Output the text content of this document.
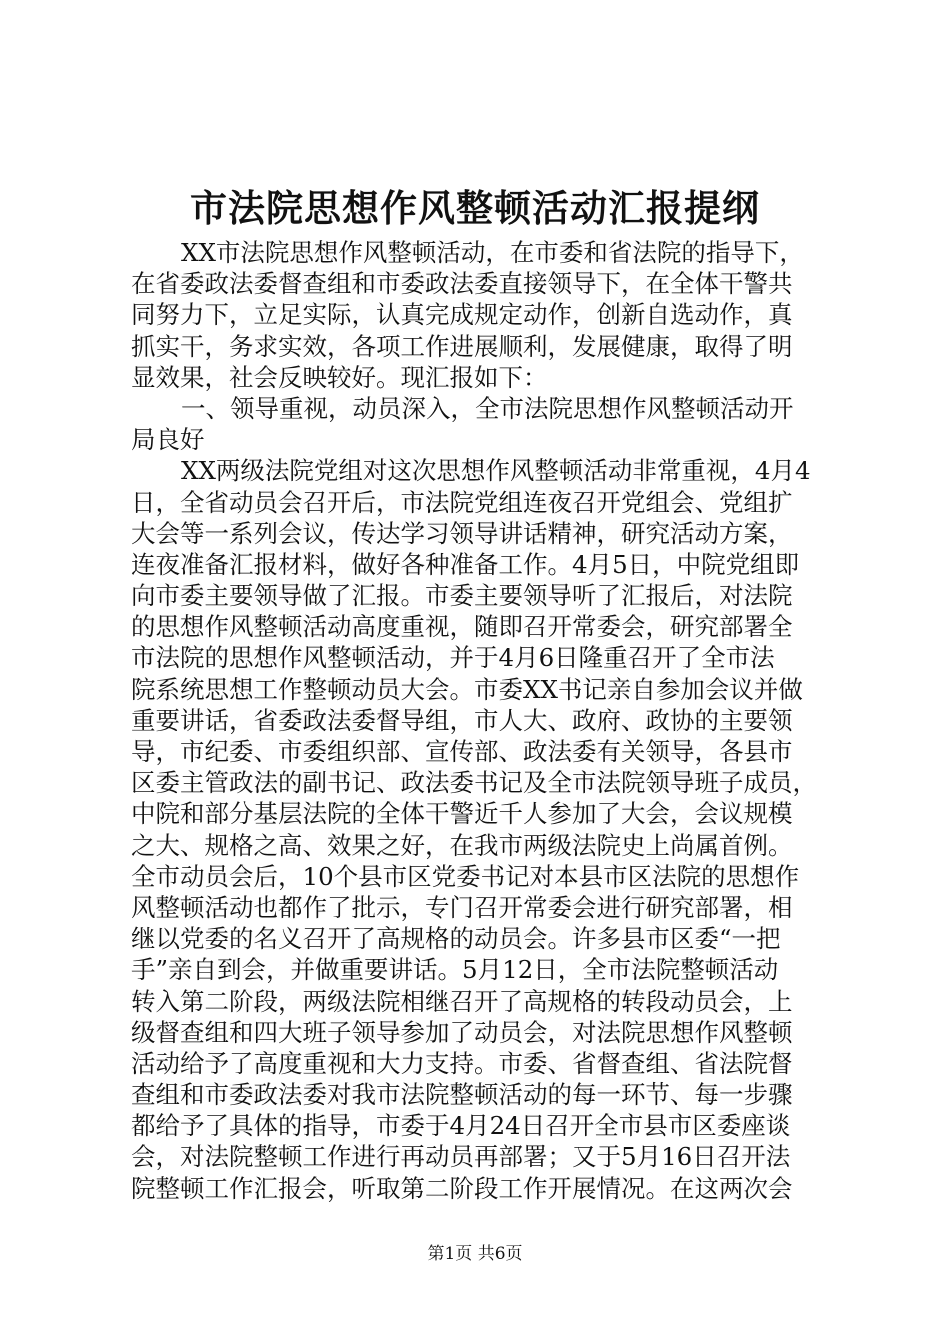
市法院思想作风整顿活动汇报提纲
XX市法院思想作风整顿活动，在市委和省法院的指导下，
在省委政法委督查组和市委政法委直接领导下，在全体干警共
同努力下，立足实际，认真完成规定动作，创新自选动作，真
抓实干，务求实效，各项工作进展顺利，发展健康，取得了明
显效果，社会反映较好。现汇报如下：
一、领导重视，动员深入，全市法院思想作风整顿活动开
局良好
XX两级法院党组对这次思想作风整顿活动非常重视，4月4
日，全省动员会召开后，市法院党组连夜召开党组会、党组扩
大会等一系列会议，传达学习领导讲话精神，研究活动方案，
连夜准备汇报材料，做好各种准备工作。4月5日，中院党组即
向市委主要领导做了汇报。市委主要领导听了汇报后，对法院
的思想作风整顿活动高度重视，随即召开常委会，研究部署全
市法院的思想作风整顿活动，并于4月6日隆重召开了全市法
院系统思想工作整顿动员大会。市委XX书记亲自参加会议并做
重要讲话，省委政法委督导组，市人大、政府、政协的主要领
导，市纪委、市委组织部、宣传部、政法委有关领导，各县市
区委主管政法的副书记、政法委书记及全市法院领导班子成员，
中院和部分基层法院的全体干警近千人参加了大会，会议规模
之大、规格之高、效果之好，在我市两级法院史上尚属首例。
全市动员会后，10个县市区党委书记对本县市区法院的思想作
风整顿活动也都作了批示，专门召开常委会进行研究部署，相
继以党委的名义召开了高规格的动员会。许多县市区委“一把
手”亲自到会，并做重要讲话。5月12日，全市法院整顿活动
转入第二阶段，两级法院相继召开了高规格的转段动员会，上
级督查组和四大班子领导参加了动员会，对法院思想作风整顿
活动给予了高度重视和大力支持。市委、省督查组、省法院督
查组和市委政法委对我市法院整顿活动的每一环节、每一步骤
都给予了具体的指导，市委于4月24日召开全市县市区委座谈
会，对法院整顿工作进行再动员再部署；又于5月16日召开法
院整顿工作汇报会，听取第二阶段工作开展情况。在这两次会
第1页 共6页
